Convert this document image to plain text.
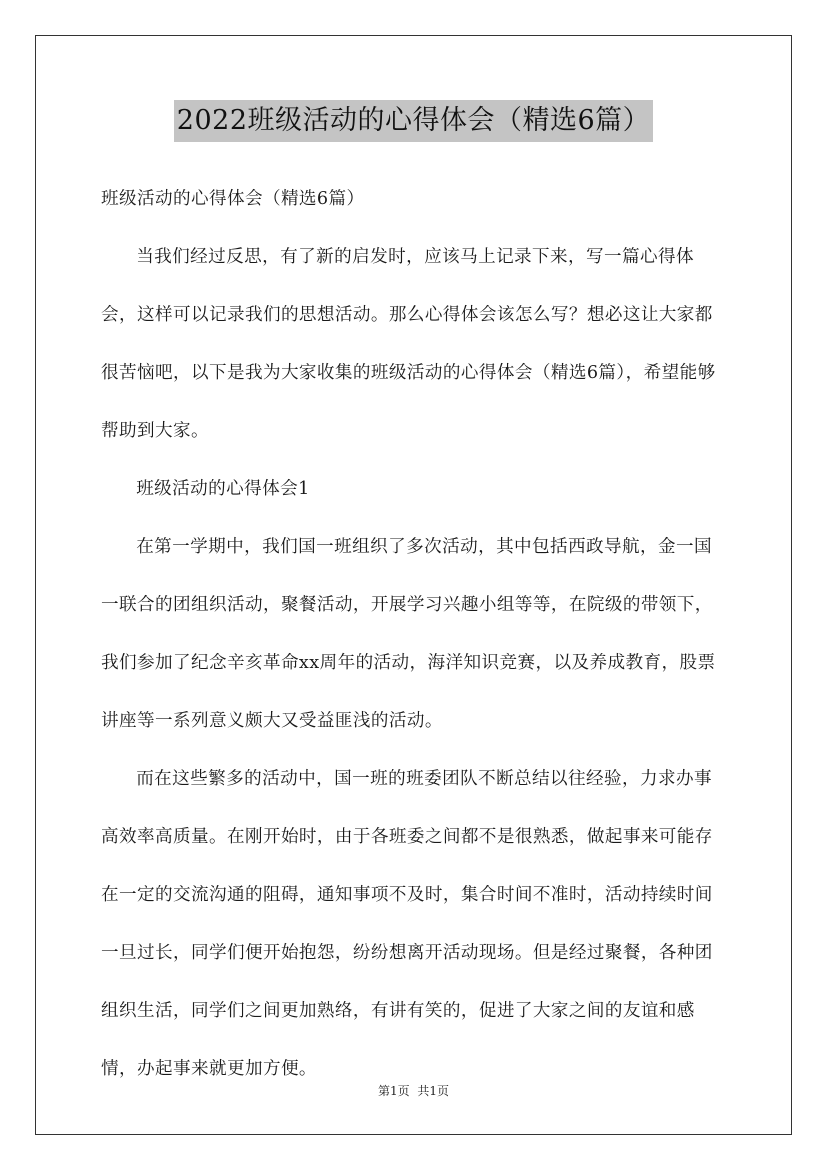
2022班级活动的心得体会（精选6篇）

班级活动的心得体会（精选6篇）

当我们经过反思，有了新的启发时，应该马上记录下来，写一篇心得体会，这样可以记录我们的思想活动。那么心得体会该怎么写？想必这让大家都很苦恼吧，以下是我为大家收集的班级活动的心得体会（精选6篇），希望能够帮助到大家。

班级活动的心得体会1

在第一学期中，我们国一班组织了多次活动，其中包括西政导航，金一国一联合的团组织活动，聚餐活动，开展学习兴趣小组等等，在院级的带领下，我们参加了纪念辛亥革命xx周年的活动，海洋知识竞赛，以及养成教育，股票讲座等一系列意义颇大又受益匪浅的活动。

而在这些繁多的活动中，国一班的班委团队不断总结以往经验，力求办事高效率高质量。在刚开始时，由于各班委之间都不是很熟悉，做起事来可能存在一定的交流沟通的阻碍，通知事项不及时，集合时间不准时，活动持续时间一旦过长，同学们便开始抱怨，纷纷想离开活动现场。但是经过聚餐，各种团组织生活，同学们之间更加熟络，有讲有笑的，促进了大家之间的友谊和感情，办起事来就更加方便。

第1页 共1页
